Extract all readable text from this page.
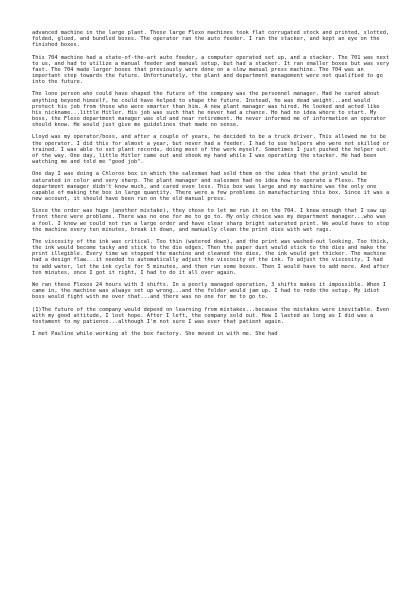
advanced machine in the large plant. These large Flexo machines took flat corrugated stock and printed, slotted, folded, glued, and bundled boxes. The operator ran the auto feeder. I ran the stacker, and kept an eye on the finished boxes.

This 704 machine had a state-of-the-art auto feeder, a computer operated set up, and a stacker. The 701 was next to us, and had to utilize a manual feeder and manual setup, but had a stacker. It ran smaller boxes but was very fast. The 704 made larger boxes that previously were done on a slow manual press machine. The 704 was an important step towards the future. Unfortunately, the plant and department management were not qualified to go into the future.

The lone person who could have shaped the future of the company was the personnel manager. Had he cared about anything beyond himself, he could have helped to shape the future. Instead, he was dead weight...and would protect his job from those who were smarter than him. A new plant manager was hired. He looked and acted like his nickname...little Hitler. His job was such that he never had a chance. He had no idea where to start. My boss, the Flexo department manager was old and near retirement. He never informed me of information an operator should know. He would just give me guidelines that made no sense.

Lloyd was my operator/boss, and after a couple of years, he decided to be a truck driver. This allowed me to be the operator. I did this for almost a year, but never had a feeder. I had to use helpers who were not skilled or trained. I was able to set plant records, doing most of the work myself. Sometimes I just pushed the helper out of the way. One day, little Hitler came out and shook my hand while I was operating the stacker. He had been watching me and told me "good job".

One day I was doing a Chlorox box in which the salesman had sold them on the idea that the print would be saturated in color and very sharp. The plant manager and salesmen had no idea how to operate a Flexo. The department manager didn't know much, and cared even less. This box was large and my machine was the only one capable of making the box in large quantity. There were a few problems in manufacturing this box. Since it was a new account, it should have been run on the old manual press.

Since the order was huge (another mistake), they chose to let me run it on the 704. I knew enough that I saw up front there were problems. There was no one for me to go to. My only choice was my department manager...who was a fool. I knew we could not run a large order and have clear sharp bright saturated print. We would have to stop the machine every ten minutes, break it down, and manually clean the print dies with wet rags.

The viscosity of the ink was critical. Too thin (watered down), and the print was washed-out looking. Too thick, the ink would become tacky and stick to the die edges. Then the paper dust would stick to the dies and make the print illegible. Every time we stopped the machine and cleaned the dies, the ink would get thicker. The machine had a design flaw...it needed to automatically adjust the viscosity of the ink. To adjust the viscosity, I had to add water, let the ink cycle for 5 minutes, and then run some boxes. Then I would have to add more. And after ten minutes, once I got it right, I had to do it all over again.

We ran these Flexos 24 hours with 3 shifts. In a poorly managed operation, 3 shifts makes it impossible. When I came in, the machine was always set up wrong...and the folder would jam up. I had to redo the setup. My idiot boss would fight with me over that...and there was no one for me to go to.

(1)The future of the company would depend on learning from mistakes...because the mistakes were inevitable. Even with my good attitude, I lost hope. After I left, the company sold out. How I lasted as long as I did was a testament to my patience...although I'm not sure I was ever that patient again.

I met Pauline while working at the box factory. She moved in with me. She had
